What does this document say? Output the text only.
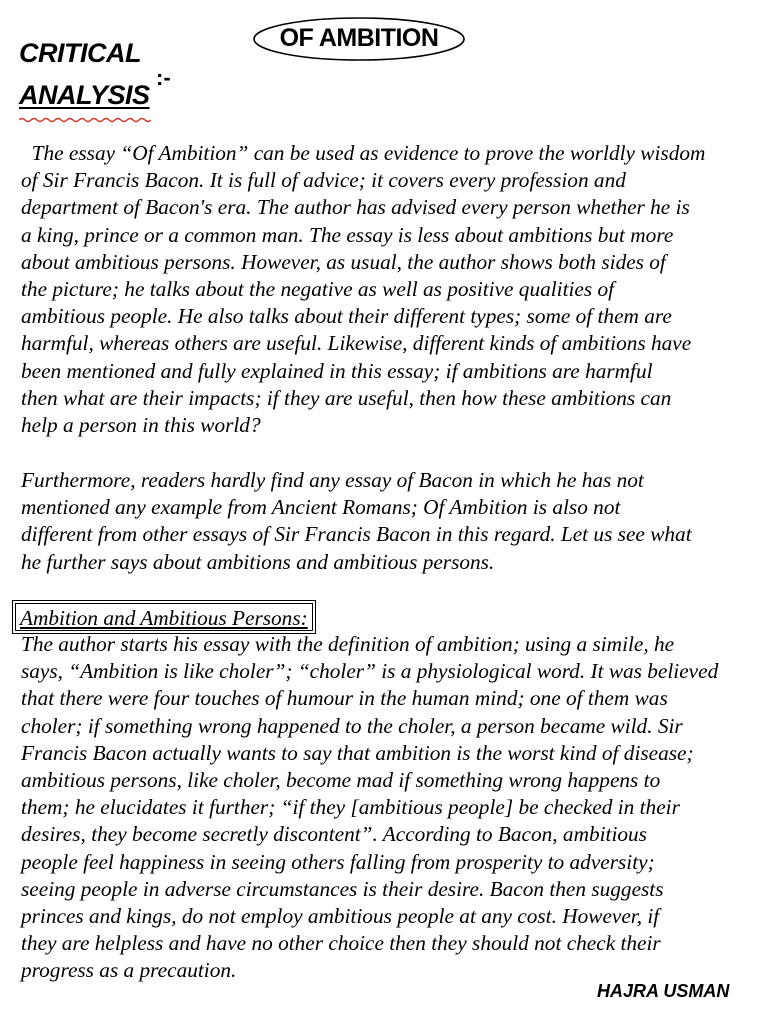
CRITICAL
ANALYSIS
:-
OF AMBITION
The essay “Of Ambition” can be used as evidence to prove the worldly wisdom
of Sir Francis Bacon. It is full of advice; it covers every profession and
department of Bacon's era. The author has advised every person whether he is
a king, prince or a common man. The essay is less about ambitions but more
about ambitious persons. However, as usual, the author shows both sides of
the picture; he talks about the negative as well as positive qualities of
ambitious people. He also talks about their different types; some of them are
harmful, whereas others are useful. Likewise, different kinds of ambitions have
been mentioned and fully explained in this essay; if ambitions are harmful
then what are their impacts; if they are useful, then how these ambitions can
help a person in this world?
Furthermore, readers hardly find any essay of Bacon in which he has not
mentioned any example from Ancient Romans; Of Ambition is also not
different from other essays of Sir Francis Bacon in this regard. Let us see what
he further says about ambitions and ambitious persons.
Ambition and Ambitious Persons:
The author starts his essay with the definition of ambition; using a simile, he
says, “Ambition is like choler”; “choler” is a physiological word. It was believed
that there were four touches of humour in the human mind; one of them was
choler; if something wrong happened to the choler, a person became wild. Sir
Francis Bacon actually wants to say that ambition is the worst kind of disease;
ambitious persons, like choler, become mad if something wrong happens to
them; he elucidates it further; “if they [ambitious people] be checked in their
desires, they become secretly discontent”. According to Bacon, ambitious
people feel happiness in seeing others falling from prosperity to adversity;
seeing people in adverse circumstances is their desire. Bacon then suggests
princes and kings, do not employ ambitious people at any cost. However, if
they are helpless and have no other choice then they should not check their
progress as a precaution.
HAJRA USMAN
